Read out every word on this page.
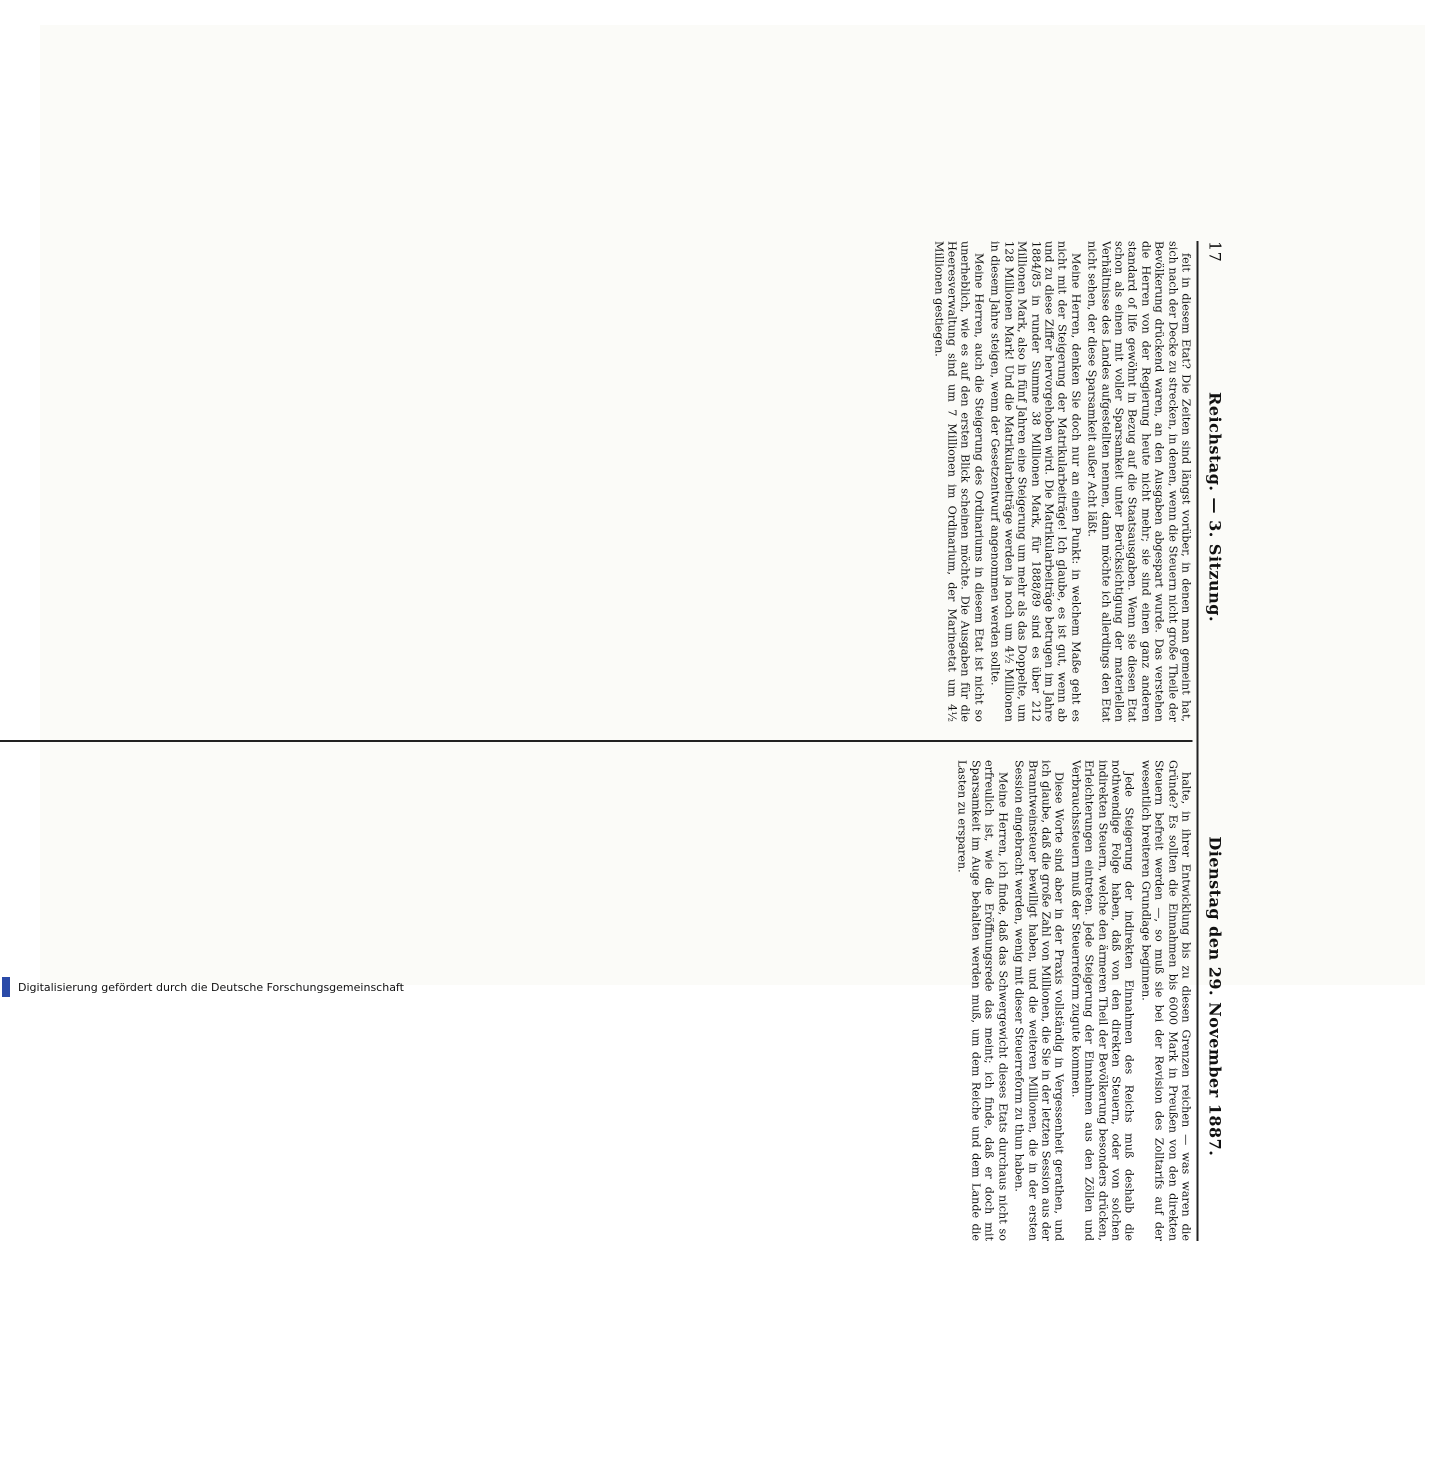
17
Reichstag. — 3. Sitzung.
Dienstag den 29. November 1887.

feit in diesem Etat? Die Zeiten sind längst vorüber, in denen man gemeint hat, sich nach der Decke zu strecken, in denen, wenn die Steuern nicht große Theile der Bevölkerung drückend waren, an den Ausgaben abgespart wurde. Das verstehen die Herren von der Regierung heute nicht mehr; sie sind einen ganz anderen standard of life gewöhnt in Bezug auf die Staatsausgaben. Wenn sie diesen Etat schon als einen mit voller Sparsamkeit unter Berücksichtigung der materiellen Verhältnisse des Landes aufgestellten nennen, dann möchte ich allerdings den Etat nicht sehen, der diese Sparsamkeit außer Acht läßt.

Meine Herren, denken Sie doch nur an einen Punkt: in welchem Maße geht es nicht mit der Steigerung der Matrikularbeiträge! Ich glaube, es ist gut, wenn ab und zu diese Ziffer hervorgehoben wird. Die Matrikularbeiträge betrugen im Jahre 1884/85 in runder Summe 38 Millionen Mark, für 1888/89 sind es über 212 Millionen Mark, also in fünf Jahren eine Steigerung um mehr als das Doppelte, um 128 Millionen Mark! Und die Matrikularbeiträge werden ja noch um 4½ Millionen in diesem Jahre steigen, wenn der Gesetzentwurf angenommen werden sollte.

Meine Herren, auch die Steigerung des Ordinariums in diesem Etat ist nicht so unerheblich, wie es auf den ersten Blick scheinen möchte. Die Ausgaben für die Heeresverwaltung sind um 7 Millionen im Ordinarium, der Marineetat um 4½ Millionen gestiegen.

halte, in ihrer Entwicklung bis zu diesen Grenzen reichen — was waren die Gründe? Es sollten die Einnahmen bis 6000 Mark in Preußen von den direkten Steuern befreit werden —, so muß sie bei der Revision des Zolltarifs auf der wesentlich breiteren Grundlage beginnen.

Jede Steigerung der indirekten Einnahmen des Reichs muß deshalb die nothwendige Folge haben, daß von den direkten Steuern, oder von solchen indirekten Steuern, welche den ärmeren Theil der Bevölkerung besonders drücken, Erleichterungen eintreten. Jede Steigerung der Einnahmen aus den Zöllen und Verbrauchssteuern muß der Steuerreform zugute kommen.

Diese Worte sind aber in der Praxis vollständig in Vergessenheit gerathen, und ich glaube, daß die große Zahl von Millionen, die Sie in der letzten Session aus der Branntweinsteuer bewilligt haben, und die weiteren Millionen, die in der ersten Session eingebracht werden, wenig mit dieser Steuerreform zu thun haben.

Meine Herren, ich finde, daß das Schwergewicht dieses Etats durchaus nicht so erfreulich ist, wie die Eröffnungsrede das meint; ich finde, daß er doch mit Sparsamkeit im Auge behalten werden muß, um dem Reiche und dem Lande die Lasten zu ersparen.

Digitalisierung gefördert durch die Deutsche Forschungsgemeinschaft
